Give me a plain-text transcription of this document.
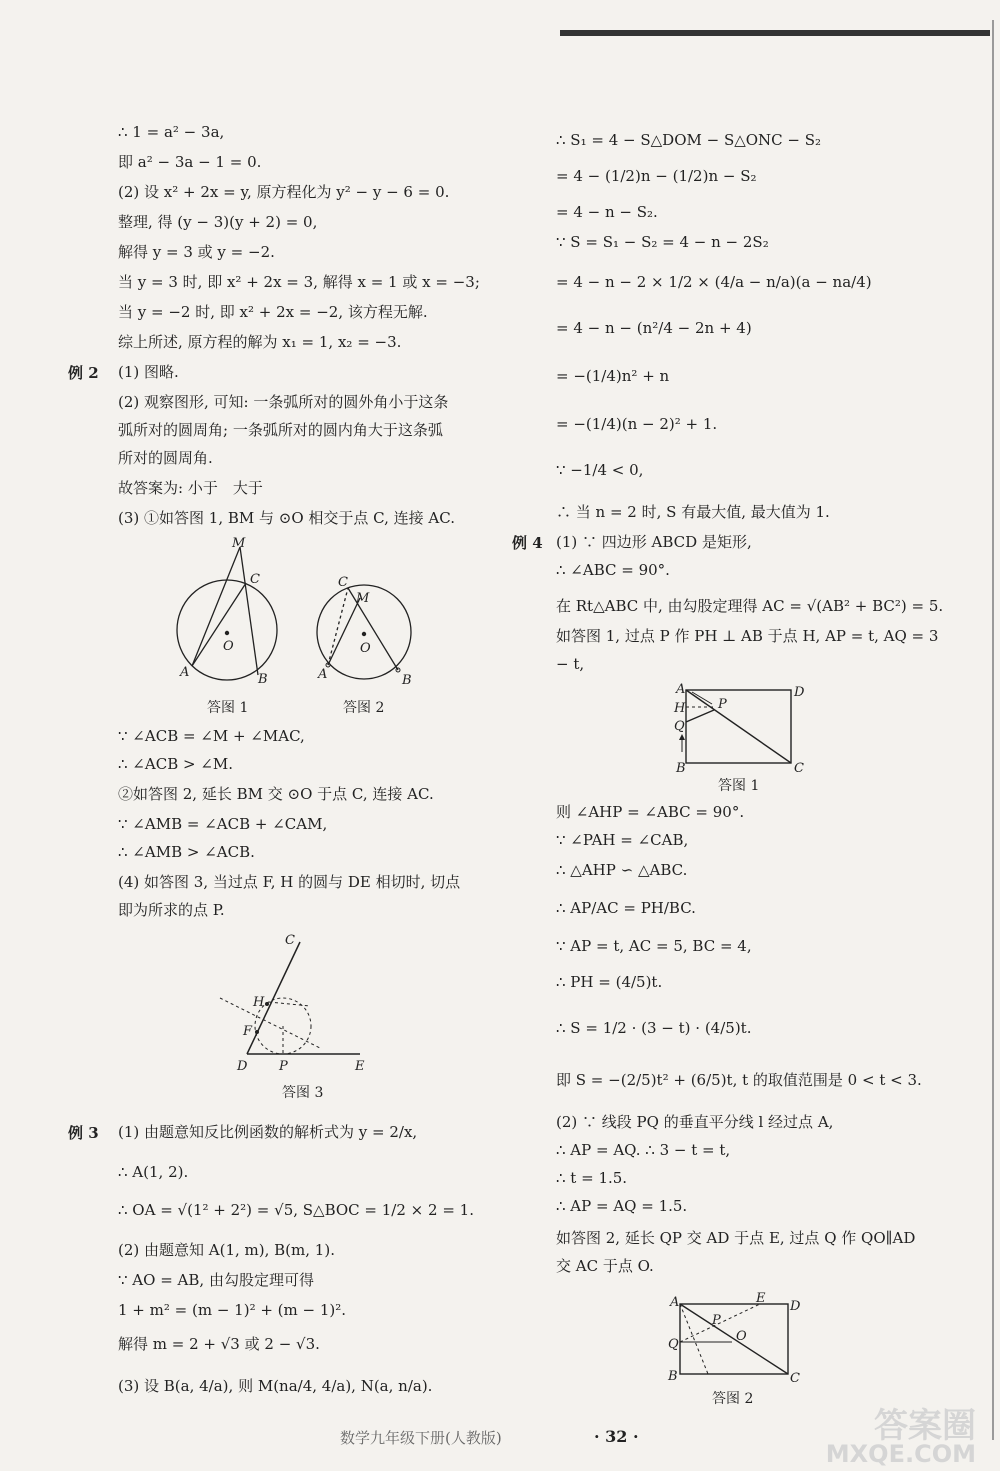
∴ 1 = a² − 3a,
即 a² − 3a − 1 = 0.
(2) 设 x² + 2x = y, 原方程化为 y² − y − 6 = 0.
整理, 得 (y − 3)(y + 2) = 0,
解得 y = 3 或 y = −2.
当 y = 3 时, 即 x² + 2x = 3, 解得 x = 1 或 x = −3;
当 y = −2 时, 即 x² + 2x = −2, 该方程无解.
综上所述, 原方程的解为 x₁ = 1, x₂ = −3.
例 2 (1) 图略.
(2) 观察图形, 可知: 一条弧所对的圆外角小于这条
弧所对的圆周角; 一条弧所对的圆内角大于这条弧
所对的圆周角.
故答案为: 小于　大于
(3) ①如答图 1, BM 与 ⊙O 相交于点 C, 连接 AC.
M
C
O
A	B
答图 1
C
M
O
A	B
答图 2
∵ ∠ACB = ∠M + ∠MAC,
∴ ∠ACB > ∠M.
②如答图 2, 延长 BM 交 ⊙O 于点 C, 连接 AC.
∵ ∠AMB = ∠ACB + ∠CAM,
∴ ∠AMB > ∠ACB.
(4) 如答图 3, 当过点 F, H 的圆与 DE 相切时, 切点
即为所求的点 P.
C
H
F
D P	E
答图 3
例 3 (1) 由题意知反比例函数的解析式为 y = 2/x,
∴ A(1, 2).
∴ OA = √(1² + 2²) = √5, S△BOC = 1/2 × 2 = 1.
(2) 由题意知 A(1, m), B(m, 1).
∵ AO = AB, 由勾股定理可得
1 + m² = (m − 1)² + (m − 1)².
解得 m = 2 + √3 或 2 − √3.
(3) 设 B(a, 4/a), 则 M(na/4, 4/a), N(a, n/a).
∴ S₁ = 4 − S△DOM − S△ONC − S₂
= 4 − (1/2)n − (1/2)n − S₂
= 4 − n − S₂.
∵ S = S₁ − S₂ = 4 − n − 2S₂
= 4 − n − 2 × 1/2 × (4/a − n/a)(a − na/4)
= 4 − n − (n²/4 − 2n + 4)
= −(1/4)n² + n
= −(1/4)(n − 2)² + 1.
∵ −1/4 < 0,
∴ 当 n = 2 时, S 有最大值, 最大值为 1.
例 4 (1) ∵ 四边形 ABCD 是矩形,
∴ ∠ABC = 90°.
在 Rt△ABC 中, 由勾股定理得 AC = √(AB² + BC²) = 5.
如答图 1, 过点 P 作 PH ⊥ AB 于点 H, AP = t, AQ = 3
− t,
A
P
D
H
Q
B	C
答图 1
则 ∠AHP = ∠ABC = 90°.
∵ ∠PAH = ∠CAB,
∴ △AHP ∽ △ABC.
∴ AP/AC = PH/BC.
∵ AP = t, AC = 5, BC = 4,
∴ PH = (4/5)t.
∴ S = 1/2 · (3 − t) · (4/5)t.
即 S = −(2/5)t² + (6/5)t, t 的取值范围是 0 < t < 3.
(2) ∵ 线段 PQ 的垂直平分线 l 经过点 A,
∴ AP = AQ. ∴ 3 − t = t,
∴ t = 1.5.
∴ AP = AQ = 1.5.
如答图 2, 延长 QP 交 AD 于点 E, 过点 Q 作 QO∥AD
交 AC 于点 O.
A	E
D
P
O
Q
B	C
答图 2
数学九年级下册(人教版)	· 32 ·	答案圈
MXQE.COM
